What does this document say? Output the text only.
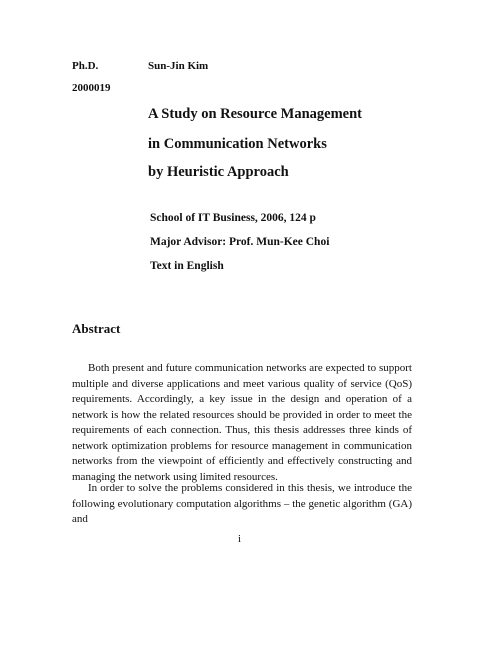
Ph.D.	Sun-Jin Kim
2000019
A Study on Resource Management
in Communication Networks
by Heuristic Approach
School of IT Business, 2006, 124 p
Major Advisor: Prof. Mun-Kee Choi
Text in English
Abstract

Both present and future communication networks are expected to support multiple and diverse applications and meet various quality of service (QoS) requirements. Accordingly, a key issue in the design and operation of a network is how the related resources should be provided in order to meet the requirements of each connection. Thus, this thesis addresses three kinds of network optimization problems for resource management in communication networks from the viewpoint of efficiently and effectively constructing and managing the network using limited resources.

In order to solve the problems considered in this thesis, we introduce the following evolutionary computation algorithms – the genetic algorithm (GA) and

i
